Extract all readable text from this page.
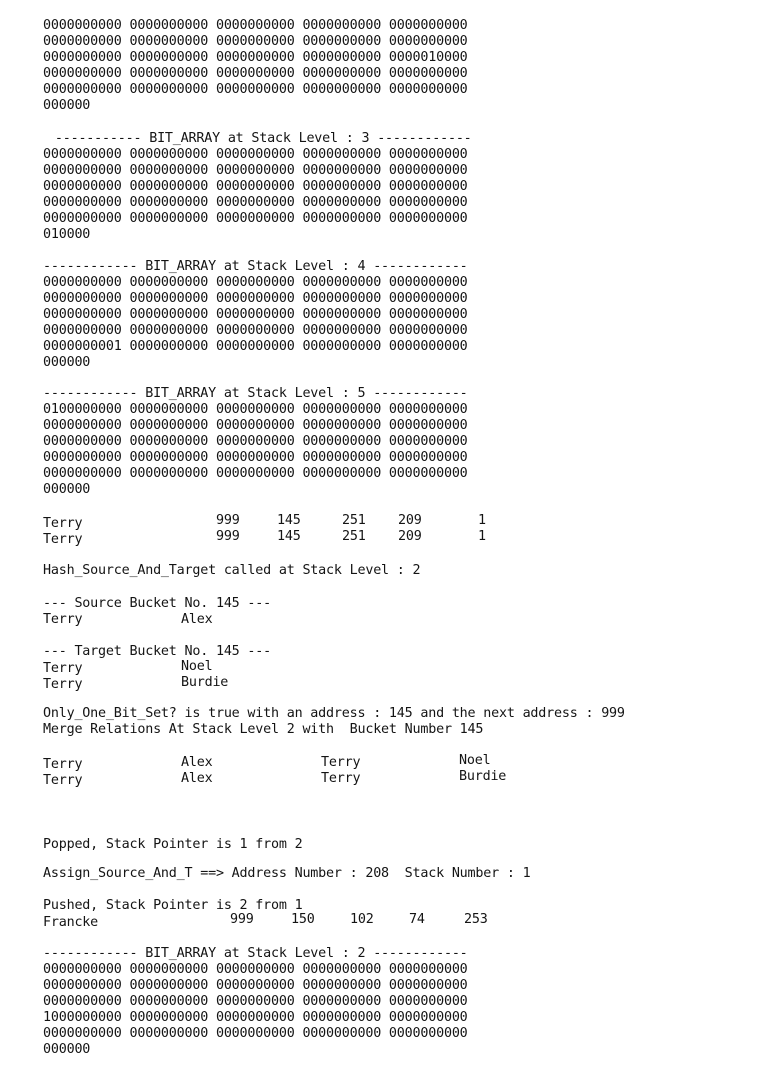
0000000000 0000000000 0000000000 0000000000 0000000000
0000000000 0000000000 0000000000 0000000000 0000000000
0000000000 0000000000 0000000000 0000000000 0000010000
0000000000 0000000000 0000000000 0000000000 0000000000
0000000000 0000000000 0000000000 0000000000 0000000000
000000
----------- BIT_ARRAY at Stack Level : 3 ------------
0000000000 0000000000 0000000000 0000000000 0000000000
0000000000 0000000000 0000000000 0000000000 0000000000
0000000000 0000000000 0000000000 0000000000 0000000000
0000000000 0000000000 0000000000 0000000000 0000000000
0000000000 0000000000 0000000000 0000000000 0000000000
010000
------------ BIT_ARRAY at Stack Level : 4 ------------
0000000000 0000000000 0000000000 0000000000 0000000000
0000000000 0000000000 0000000000 0000000000 0000000000
0000000000 0000000000 0000000000 0000000000 0000000000
0000000000 0000000000 0000000000 0000000000 0000000000
0000000001 0000000000 0000000000 0000000000 0000000000
000000
------------ BIT_ARRAY at Stack Level : 5 ------------
0100000000 0000000000 0000000000 0000000000 0000000000
0000000000 0000000000 0000000000 0000000000 0000000000
0000000000 0000000000 0000000000 0000000000 0000000000
0000000000 0000000000 0000000000 0000000000 0000000000
0000000000 0000000000 0000000000 0000000000 0000000000
000000
Terry	999	145	251 209	1
Terry	999	145	251 209	1
Hash_Source_And_Target called at Stack Level : 2
--- Source Bucket No. 145 ---
Terry	Alex
--- Target Bucket No. 145 ---
Terry	Noel
Terry	Burdie
Only_One_Bit_Set? is true with an address : 145 and the next address : 999
Merge Relations At Stack Level 2 with  Bucket Number 145
Terry	Alex	Terry	Noel
Terry	Alex	Terry	Burdie
Popped, Stack Pointer is 1 from 2
Assign_Source_And_T ==> Address Number : 208  Stack Number : 1
Pushed, Stack Pointer is 2 from 1
Francke	999	150	102	74	253
------------ BIT_ARRAY at Stack Level : 2 ------------
0000000000 0000000000 0000000000 0000000000 0000000000
0000000000 0000000000 0000000000 0000000000 0000000000
0000000000 0000000000 0000000000 0000000000 0000000000
1000000000 0000000000 0000000000 0000000000 0000000000
0000000000 0000000000 0000000000 0000000000 0000000000
000000
